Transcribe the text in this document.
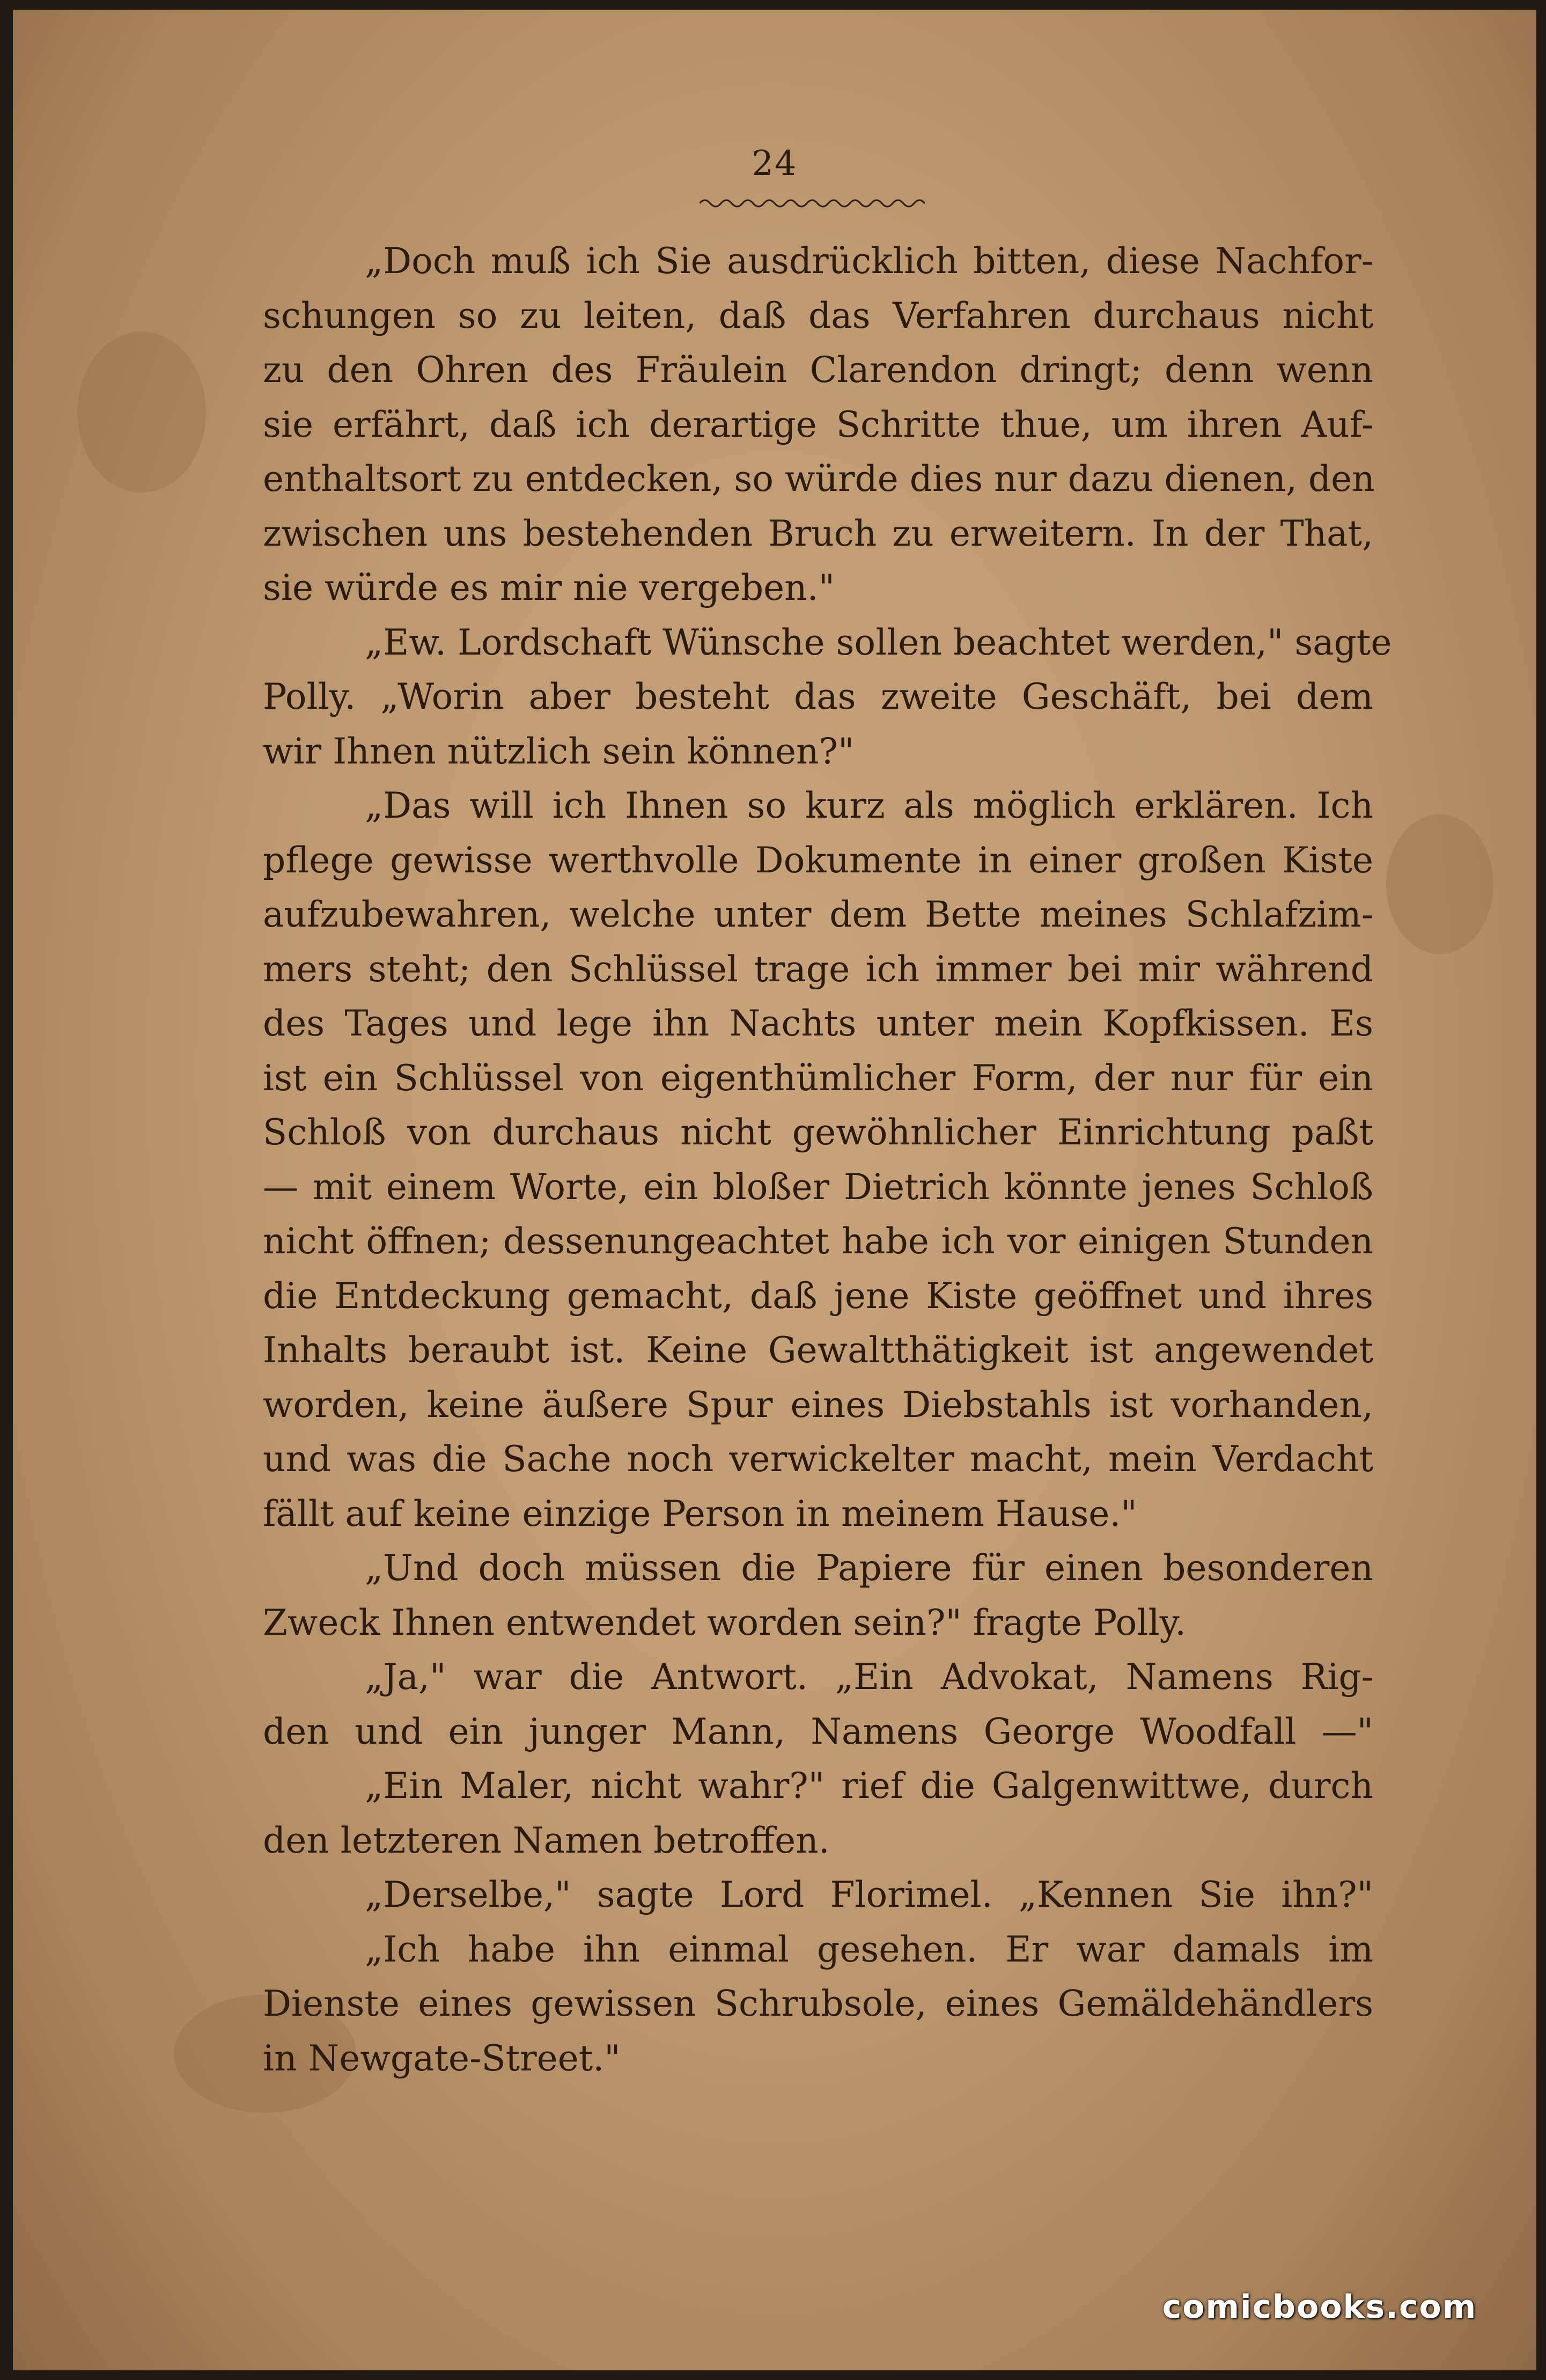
24
„Doch muß ich Sie ausdrücklich bitten, diese Nachfor-
schungen so zu leiten, daß das Verfahren durchaus nicht
zu den Ohren des Fräulein Clarendon dringt; denn wenn
sie erfährt, daß ich derartige Schritte thue, um ihren Auf-
enthaltsort zu entdecken, so würde dies nur dazu dienen, den
zwischen uns bestehenden Bruch zu erweitern. In der That,
sie würde es mir nie vergeben."
„Ew. Lordschaft Wünsche sollen beachtet werden," sagte
Polly. „Worin aber besteht das zweite Geschäft, bei dem
wir Ihnen nützlich sein können?"
„Das will ich Ihnen so kurz als möglich erklären. Ich
pflege gewisse werthvolle Dokumente in einer großen Kiste
aufzubewahren, welche unter dem Bette meines Schlafzim-
mers steht; den Schlüssel trage ich immer bei mir während
des Tages und lege ihn Nachts unter mein Kopfkissen. Es
ist ein Schlüssel von eigenthümlicher Form, der nur für ein
Schloß von durchaus nicht gewöhnlicher Einrichtung paßt
— mit einem Worte, ein bloßer Dietrich könnte jenes Schloß
nicht öffnen; dessenungeachtet habe ich vor einigen Stunden
die Entdeckung gemacht, daß jene Kiste geöffnet und ihres
Inhalts beraubt ist. Keine Gewaltthätigkeit ist angewendet
worden, keine äußere Spur eines Diebstahls ist vorhanden,
und was die Sache noch verwickelter macht, mein Verdacht
fällt auf keine einzige Person in meinem Hause."
„Und doch müssen die Papiere für einen besonderen
Zweck Ihnen entwendet worden sein?" fragte Polly.
„Ja," war die Antwort. „Ein Advokat, Namens Rig-
den und ein junger Mann, Namens George Woodfall —"
„Ein Maler, nicht wahr?" rief die Galgenwittwe, durch
den letzteren Namen betroffen.
„Derselbe," sagte Lord Florimel. „Kennen Sie ihn?"
„Ich habe ihn einmal gesehen. Er war damals im
Dienste eines gewissen Schrubsole, eines Gemäldehändlers
in Newgate-Street."
comicbooks.com
